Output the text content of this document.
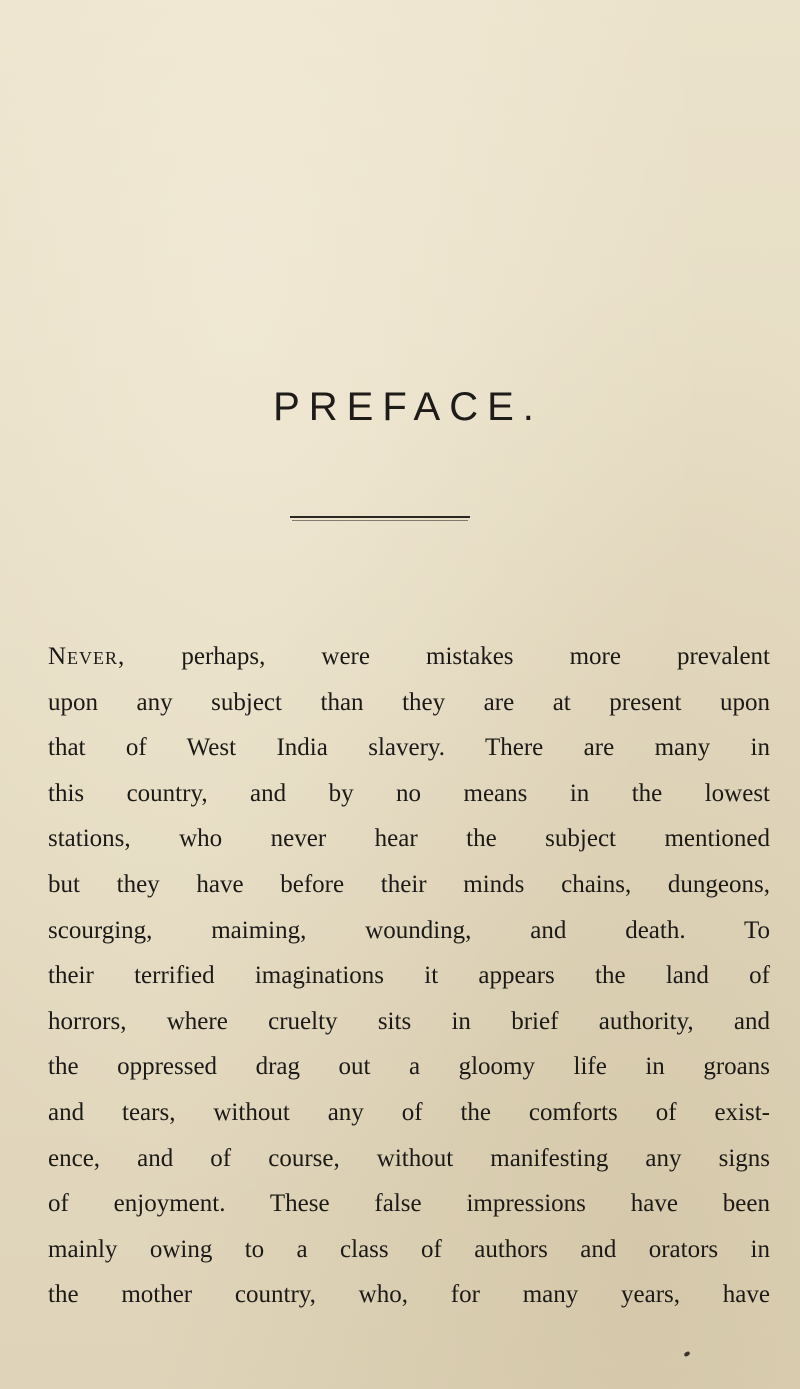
PREFACE.
Never, perhaps, were mistakes more prevalent
upon any subject than they are at present upon
that of West India slavery. There are many in
this country, and by no means in the lowest
stations, who never hear the subject mentioned
but they have before their minds chains, dungeons,
scourging, maiming, wounding, and death. To
their terrified imaginations it appears the land of
horrors, where cruelty sits in brief authority, and
the oppressed drag out a gloomy life in groans
and tears, without any of the comforts of exist-
ence, and of course, without manifesting any signs
of enjoyment. These false impressions have been
mainly owing to a class of authors and orators in
the mother country, who, for many years, have
